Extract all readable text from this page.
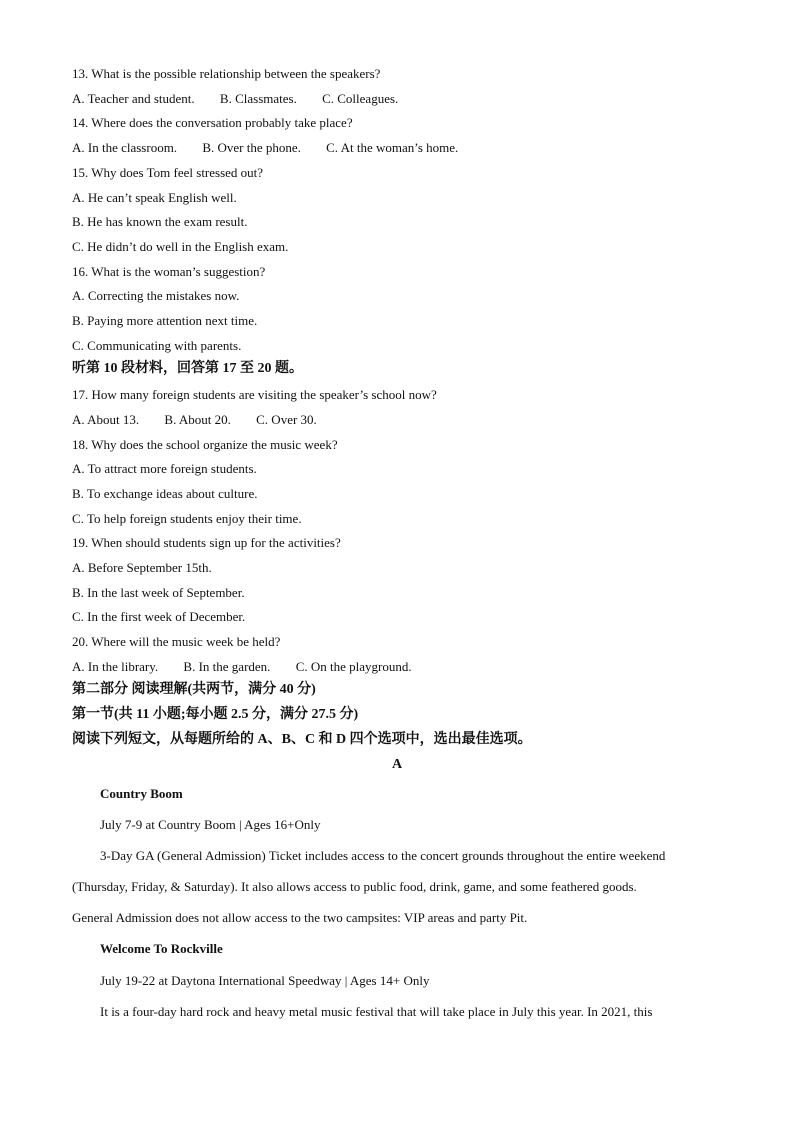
13. What is the possible relationship between the speakers?
A. Teacher and student. B. Classmates. C. Colleagues.
14. Where does the conversation probably take place?
A. In the classroom. B. Over the phone. C. At the woman’s home.
15. Why does Tom feel stressed out?
A. He can’t speak English well.
B. He has known the exam result.
C. He didn’t do well in the English exam.
16. What is the woman’s suggestion?
A. Correcting the mistakes now.
B. Paying more attention next time.
C. Communicating with parents.
听第 10 段材料，回答第 17 至 20 题。
17. How many foreign students are visiting the speaker’s school now?
A. About 13. B. About 20. C. Over 30.
18. Why does the school organize the music week?
A. To attract more foreign students.
B. To exchange ideas about culture.
C. To help foreign students enjoy their time.
19. When should students sign up for the activities?
A. Before September 15th.
B. In the last week of September.
C. In the first week of December.
20. Where will the music week be held?
A. In the library. B. In the garden. C. On the playground.
第二部分 阅读理解(共两节，满分 40 分)
第一节(共 11 小题;每小题 2.5 分，满分 27.5 分)
阅读下列短文，从每题所给的 A、B、C 和 D 四个选项中，选出最佳选项。
A
Country Boom
July 7-9 at Country Boom | Ages 16+Only
3-Day GA (General Admission) Ticket includes access to the concert grounds throughout the entire weekend
(Thursday, Friday, & Saturday). It also allows access to public food, drink, game, and some feathered goods.
General Admission does not allow access to the two campsites: VIP areas and party Pit.
Welcome To Rockville
July 19-22 at Daytona International Speedway | Ages 14+ Only
It is a four-day hard rock and heavy metal music festival that will take place in July this year. In 2021, this
